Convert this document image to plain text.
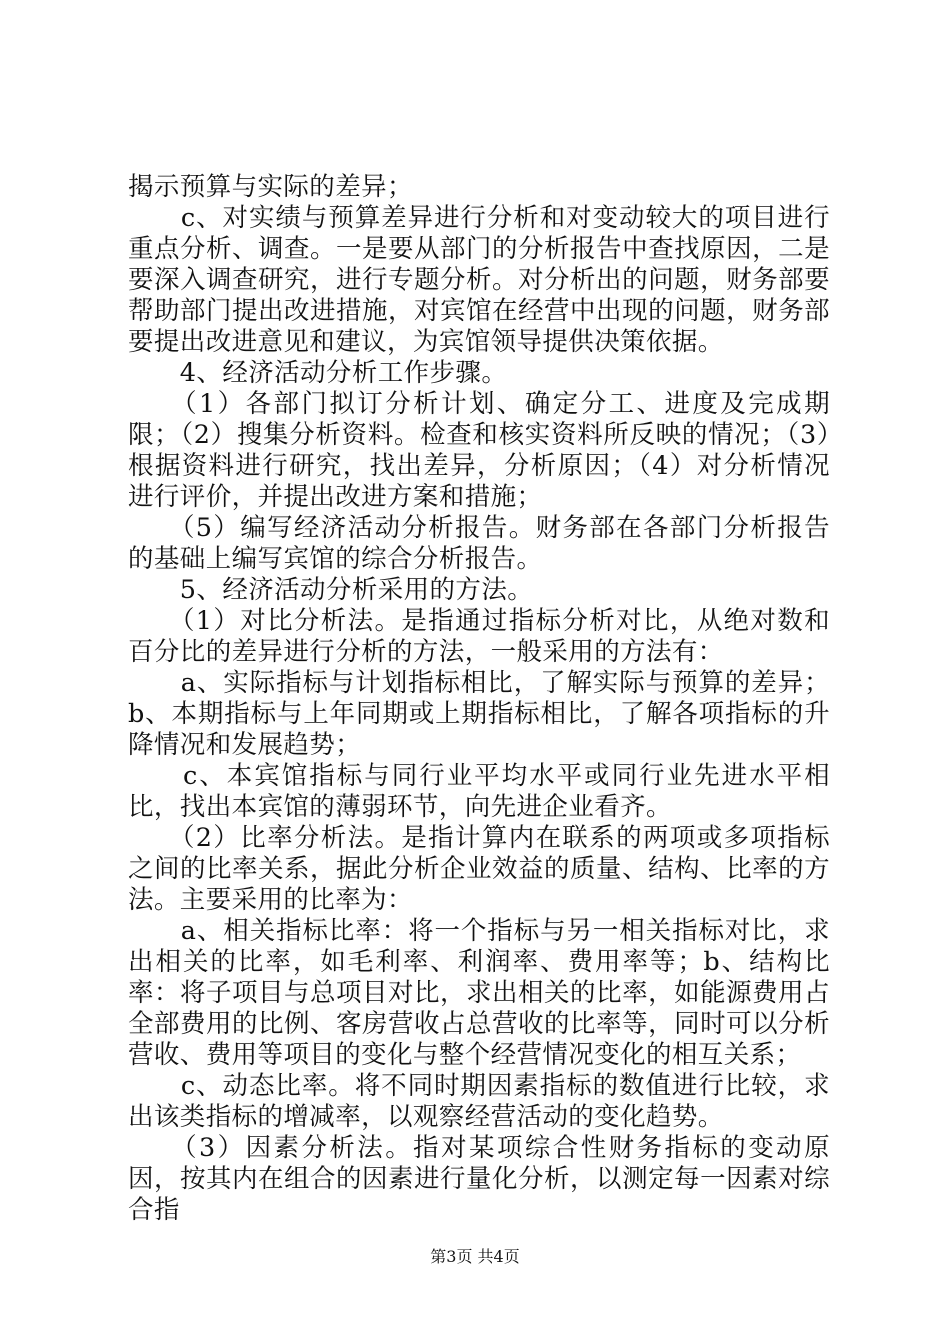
揭示预算与实际的差异；

　　c、对实绩与预算差异进行分析和对变动较大的项目进行重点分析、调查。一是要从部门的分析报告中查找原因，二是要深入调查研究，进行专题分析。对分析出的问题，财务部要帮助部门提出改进措施，对宾馆在经营中出现的问题，财务部要提出改进意见和建议，为宾馆领导提供决策依据。

　　4、经济活动分析工作步骤。

　　（1）各部门拟订分析计划、确定分工、进度及完成期限；（2）搜集分析资料。检查和核实资料所反映的情况；（3）根据资料进行研究，找出差异，分析原因；（4）对分析情况进行评价，并提出改进方案和措施；

　　（5）编写经济活动分析报告。财务部在各部门分析报告的基础上编写宾馆的综合分析报告。

　　5、经济活动分析采用的方法。

　　（1）对比分析法。是指通过指标分析对比，从绝对数和百分比的差异进行分析的方法，一般采用的方法有：

　　a、实际指标与计划指标相比，了解实际与预算的差异；b、本期指标与上年同期或上期指标相比，了解各项指标的升降情况和发展趋势；

　　c、本宾馆指标与同行业平均水平或同行业先进水平相比，找出本宾馆的薄弱环节，向先进企业看齐。

　　（2）比率分析法。是指计算内在联系的两项或多项指标之间的比率关系，据此分析企业效益的质量、结构、比率的方法。主要采用的比率为：

　　a、相关指标比率：将一个指标与另一相关指标对比，求出相关的比率，如毛利率、利润率、费用率等；b、结构比率：将子项目与总项目对比，求出相关的比率，如能源费用占全部费用的比例、客房营收占总营收的比率等，同时可以分析营收、费用等项目的变化与整个经营情况变化的相互关系；

　　c、动态比率。将不同时期因素指标的数值进行比较，求出该类指标的增减率，以观察经营活动的变化趋势。

　　（3）因素分析法。指对某项综合性财务指标的变动原因，按其内在组合的因素进行量化分析，以测定每一因素对综合指

第3页 共4页
